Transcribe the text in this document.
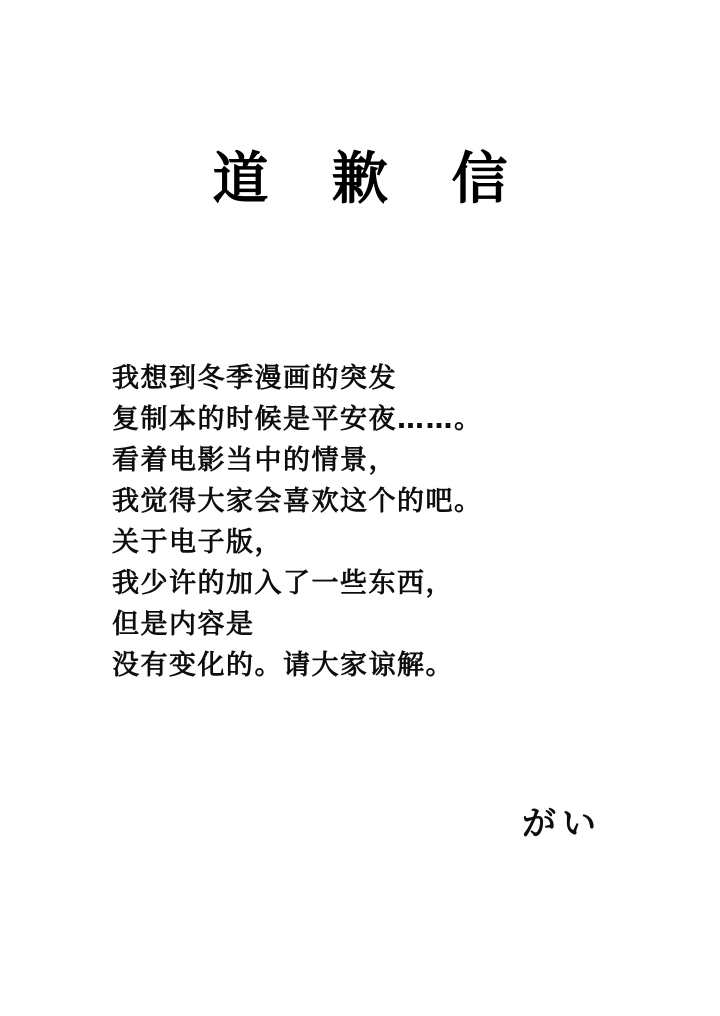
道 歉 信
我想到冬季漫画的突发
复制本的时候是平安夜……。
看着电影当中的情景，
我觉得大家会喜欢这个的吧。
关于电子版，
我少许的加入了一些东西，
但是内容是
没有变化的。请大家谅解。
がい
